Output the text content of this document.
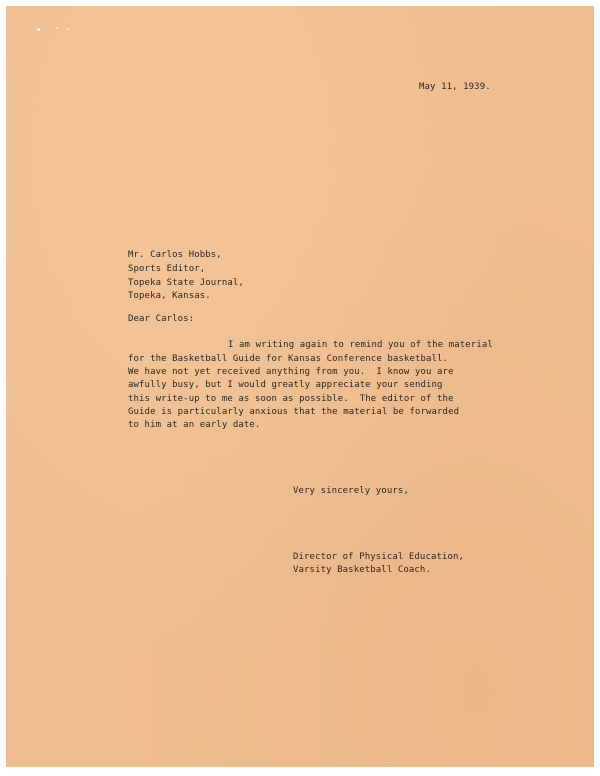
May 11, 1939.
Mr. Carlos Hobbs,
Sports Editor,
Topeka State Journal,
Topeka, Kansas.
Dear Carlos:
I am writing again to remind you of the material
for the Basketball Guide for Kansas Conference basketball.
We have not yet received anything from you.  I know you are
awfully busy, but I would greatly appreciate your sending
this write-up to me as soon as possible.  The editor of the
Guide is particularly anxious that the material be forwarded
to him at an early date.
Very sincerely yours,
Director of Physical Education,
Varsity Basketball Coach.
